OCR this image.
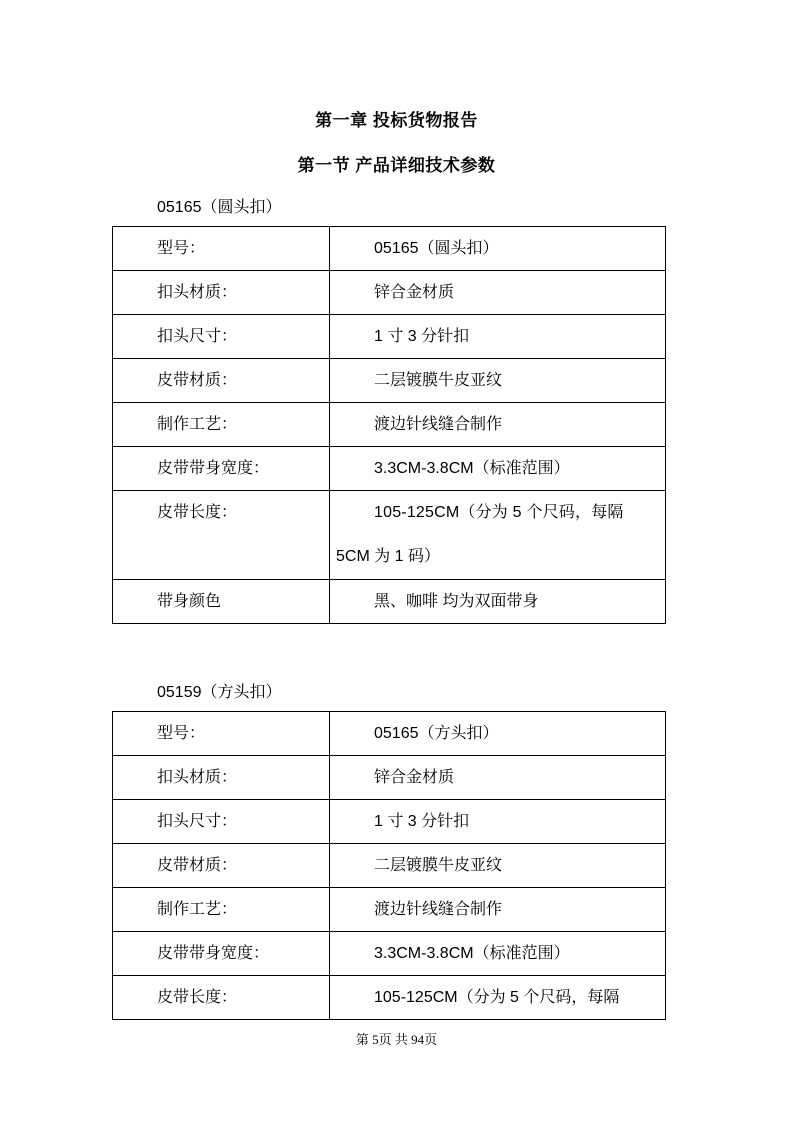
第一章 投标货物报告
第一节 产品详细技术参数
05165（圆头扣）
型号：	05165（圆头扣）
扣头材质：	锌合金材质
扣头尺寸：	1 寸 3 分针扣
皮带材质：	二层镀膜牛皮亚纹
制作工艺：	渡边针线缝合制作
皮带带身宽度：	3.3CM-3.8CM（标准范围）
皮带长度：	105-125CM（分为 5 个尺码，每隔
5CM 为 1 码）
带身颜色	黑、咖啡 均为双面带身
05159（方头扣）
型号：	05165（方头扣）
扣头材质：	锌合金材质
扣头尺寸：	1 寸 3 分针扣
皮带材质：	二层镀膜牛皮亚纹
制作工艺：	渡边针线缝合制作
皮带带身宽度：	3.3CM-3.8CM（标准范围）
皮带长度：	105-125CM（分为 5 个尺码，每隔
第 5页 共 94页
